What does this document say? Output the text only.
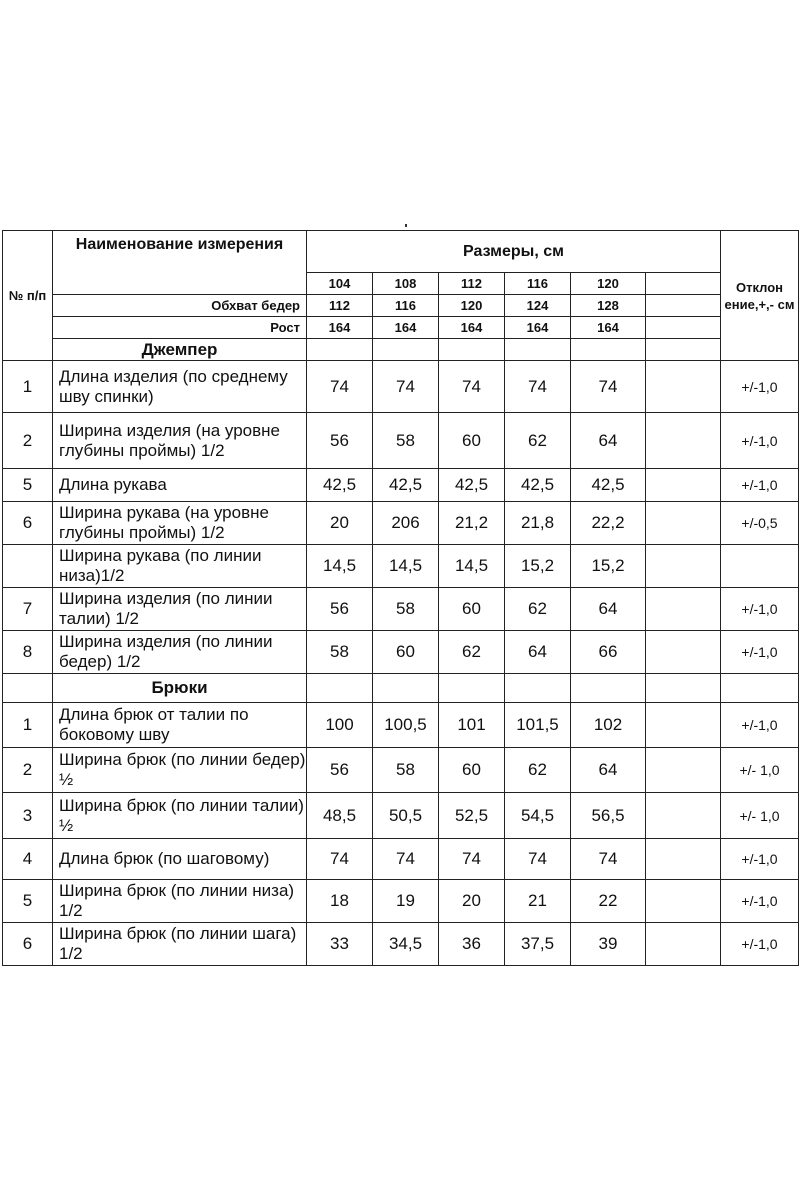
№ п/п	Наименование измерения	Размеры, см						Отклон ение,+,- см
		104	108	112	116	120		
	Обхват бедер	112	116	120	124	128		
	Рост	164	164	164	164	164		
	Джемпер							
1	Длина изделия (по среднему шву спинки)	74	74	74	74	74		+/-1,0
2	Ширина изделия (на уровне глубины проймы) 1/2	56	58	60	62	64		+/-1,0
5	Длина рукава	42,5	42,5	42,5	42,5	42,5		+/-1,0
6	Ширина рукава (на уровне глубины проймы) 1/2	20	206	21,2	21,8	22,2		+/-0,5
	Ширина рукава (по линии низа)1/2	14,5	14,5	14,5	15,2	15,2		
7	Ширина изделия (по линии талии) 1/2	56	58	60	62	64		+/-1,0
8	Ширина изделия (по линии бедер) 1/2	58	60	62	64	66		+/-1,0
	Брюки							
1	Длина брюк от талии по боковому шву	100	100,5	101	101,5	102		+/-1,0
2	Ширина брюк (по линии бедер) ½	56	58	60	62	64		+/- 1,0
3	Ширина брюк (по линии талии) ½	48,5	50,5	52,5	54,5	56,5		+/- 1,0
4	Длина брюк (по шаговому)	74	74	74	74	74		+/-1,0
5	Ширина брюк (по линии низа) 1/2	18	19	20	21	22		+/-1,0
6	Ширина брюк (по линии шага) 1/2	33	34,5	36	37,5	39		+/-1,0
